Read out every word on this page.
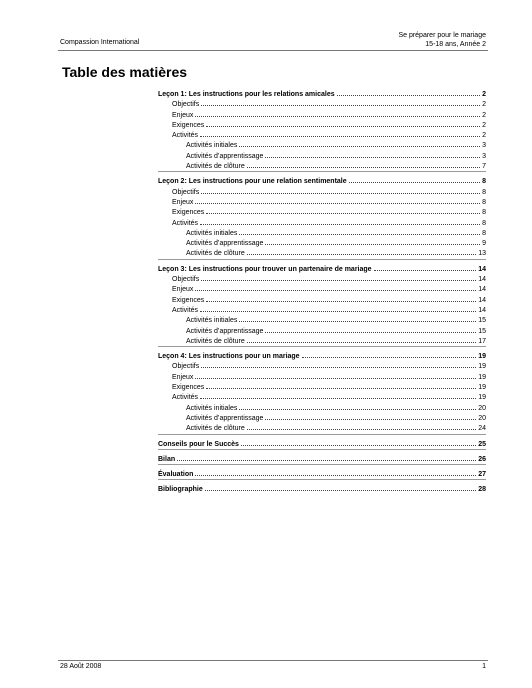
Se préparer pour le mariage
15-18 ans, Année 2
Compassion International
Table des matières
Leçon 1: Les instructions pour les relations amicales	2
Objectifs	2
Enjeux	2
Exigences	2
Activités	2
Activités initiales	3
Activités d’apprentissage	3
Activités de clôture	7
Leçon 2: Les instructions pour une relation sentimentale	8
Objectifs	8
Enjeux	8
Exigences	8
Activités	8
Activités initiales	8
Activités d’apprentissage	9
Activités de clôture	13
Leçon 3: Les instructions pour trouver un partenaire de mariage	14
Objectifs	14
Enjeux	14
Exigences	14
Activités	14
Activités initiales	15
Activités d’apprentissage	15
Activités de clôture	17
Leçon 4: Les instructions pour un mariage	19
Objectifs	19
Enjeux	19
Exigences	19
Activités	19
Activités initiales	20
Activités d’apprentissage	20
Activités de clôture	24
Conseils pour le Succès	25
Bilan	26
Évaluation	27
Bibliographie	28
28 Août 2008	1
